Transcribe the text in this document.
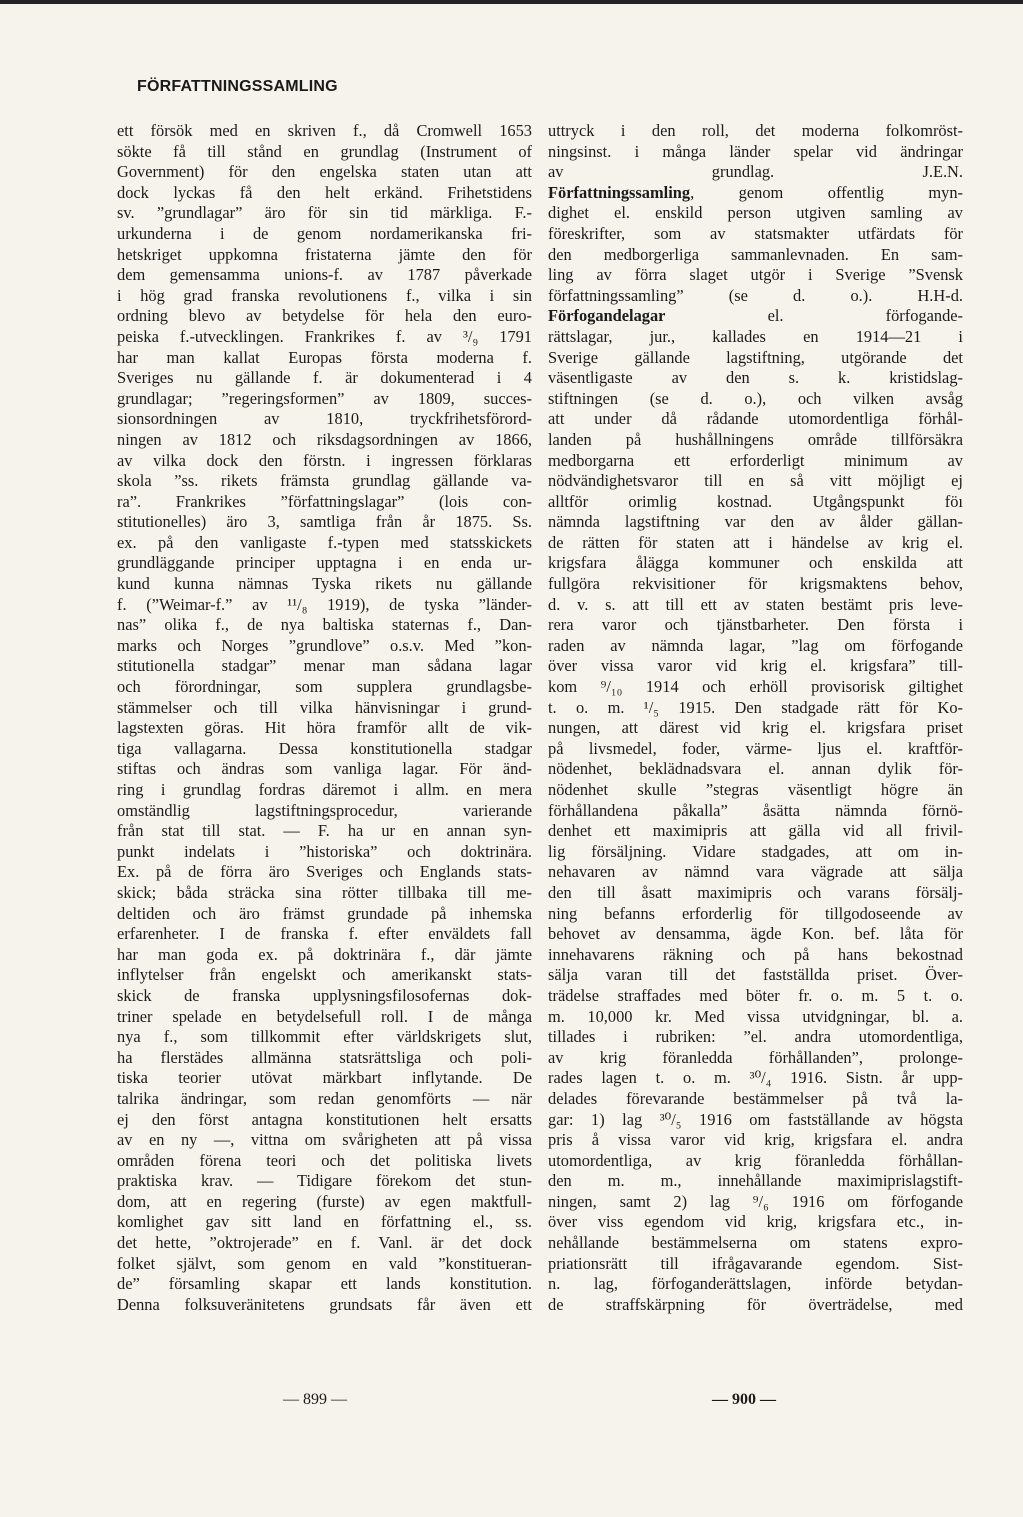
FÖRFATTNINGSSAMLING
ett försök med en skriven f., då Cromwell 1653
sökte få till stånd en grundlag (Instrument of
Government) för den engelska staten utan att
dock lyckas få den helt erkänd. Frihetstidens
sv. ”grundlagar” äro för sin tid märkliga. F.-
urkunderna i de genom nordamerikanska fri-
hetskriget uppkomna fristaterna jämte den för
dem gemensamma unions-f. av 1787 påverkade
i hög grad franska revolutionens f., vilka i sin
ordning blevo av betydelse för hela den euro-
peiska f.-utvecklingen. Frankrikes f. av ³/₉ 1791
har man kallat Europas första moderna f.
Sveriges nu gällande f. är dokumenterad i 4
grundlagar; ”regeringsformen” av 1809, succes-
sionsordningen av 1810, tryckfrihetsförord-
ningen av 1812 och riksdagsordningen av 1866,
av vilka dock den förstn. i ingressen förklaras
skola ”ss. rikets främsta grundlag gällande va-
ra”. Frankrikes ”författningslagar” (lois con-
stitutionelles) äro 3, samtliga från år 1875. Ss.
ex. på den vanligaste f.-typen med statsskickets
grundläggande principer upptagna i en enda ur-
kund kunna nämnas Tyska rikets nu gällande
f. (”Weimar-f.” av ¹¹/₈ 1919), de tyska ”länder-
nas” olika f., de nya baltiska staternas f., Dan-
marks och Norges ”grundlove” o.s.v. Med ”kon-
stitutionella stadgar” menar man sådana lagar
och förordningar, som supplera grundlagsbe-
stämmelser och till vilka hänvisningar i grund-
lagstexten göras. Hit höra framför allt de vik-
tiga vallagarna. Dessa konstitutionella stadgar
stiftas och ändras som vanliga lagar. För änd-
ring i grundlag fordras däremot i allm. en mera
omständlig lagstiftningsprocedur, varierande
från stat till stat. — F. ha ur en annan syn-
punkt indelats i ”historiska” och doktrinära.
Ex. på de förra äro Sveriges och Englands stats-
skick; båda sträcka sina rötter tillbaka till me-
deltiden och äro främst grundade på inhemska
erfarenheter. I de franska f. efter enväldets fall
har man goda ex. på doktrinära f., där jämte
inflytelser från engelskt och amerikanskt stats-
skick de franska upplysningsfilosofernas dok-
triner spelade en betydelsefull roll. I de många
nya f., som tillkommit efter världskrigets slut,
ha flerstädes allmänna statsrättsliga och poli-
tiska teorier utövat märkbart inflytande. De
talrika ändringar, som redan genomförts — när
ej den först antagna konstitutionen helt ersatts
av en ny —, vittna om svårigheten att på vissa
områden förena teori och det politiska livets
praktiska krav. — Tidigare förekom det stun-
dom, att en regering (furste) av egen maktfull-
komlighet gav sitt land en författning el., ss.
det hette, ”oktrojerade” en f. Vanl. är det dock
folket självt, som genom en vald ”konstitueran-
de” församling skapar ett lands konstitution.
Denna folksuveränitetens grundsats får även ett
uttryck i den roll, det moderna folkomröst-
ningsinst. i många länder spelar vid ändringar
av grundlag. J.E.N.
Författningssamling, genom offentlig myn-
dighet el. enskild person utgiven samling av
föreskrifter, som av statsmakter utfärdats för
den medborgerliga sammanlevnaden. En sam-
ling av förra slaget utgör i Sverige ”Svensk
författningssamling” (se d. o.). H.H-d.
Förfogandelagar el. förfogande-
rättslagar, jur., kallades en 1914—21 i
Sverige gällande lagstiftning, utgörande det
väsentligaste av den s. k. kristidslag-
stiftningen (se d. o.), och vilken avsåg
att under då rådande utomordentliga förhål-
landen på hushållningens område tillförsäkra
medborgarna ett erforderligt minimum av
nödvändighetsvaror till en så vitt möjligt ej
alltför orimlig kostnad. Utgångspunkt föı
nämnda lagstiftning var den av ålder gällan-
de rätten för staten att i händelse av krig el.
krigsfara ålägga kommuner och enskilda att
fullgöra rekvisitioner för krigsmaktens behov,
d. v. s. att till ett av staten bestämt pris leve-
rera varor och tjänstbarheter. Den första i
raden av nämnda lagar, ”lag om förfogande
över vissa varor vid krig el. krigsfara” till-
kom ⁹/₁₀ 1914 och erhöll provisorisk giltighet
t. o. m. ¹/₅ 1915. Den stadgade rätt för Ko-
nungen, att därest vid krig el. krigsfara priset
på livsmedel, foder, värme- ljus el. kraftför-
nödenhet, beklädnadsvara el. annan dylik för-
nödenhet skulle ”stegras väsentligt högre än
förhållandena påkalla” åsätta nämnda förnö-
denhet ett maximipris att gälla vid all frivil-
lig försäljning. Vidare stadgades, att om in-
nehavaren av nämnd vara vägrade att sälja
den till åsatt maximipris och varans försälj-
ning befanns erforderlig för tillgodoseende av
behovet av densamma, ägde Kon. bef. låta för
innehavarens räkning och på hans bekostnad
sälja varan till det fastställda priset. Över-
trädelse straffades med böter fr. o. m. 5 t. o.
m. 10,000 kr. Med vissa utvidgningar, bl. a.
tillades i rubriken: ”el. andra utomordentliga,
av krig föranledda förhållanden”, prolonge-
rades lagen t. o. m. ³⁰/₄ 1916. Sistn. år upp-
delades förevarande bestämmelser på två la-
gar: 1) lag ³⁰/₅ 1916 om fastställande av högsta
pris å vissa varor vid krig, krigsfara el. andra
utomordentliga, av krig föranledda förhållan-
den m. m., innehållande maximiprislagstift-
ningen, samt 2) lag ⁹/₆ 1916 om förfogande
över viss egendom vid krig, krigsfara etc., in-
nehållande bestämmelserna om statens expro-
priationsrätt till ifrågavarande egendom. Sist-
n. lag, förfoganderättslagen, införde betydan-
de straffskärpning för överträdelse, med
— 899 —	— 900 —
